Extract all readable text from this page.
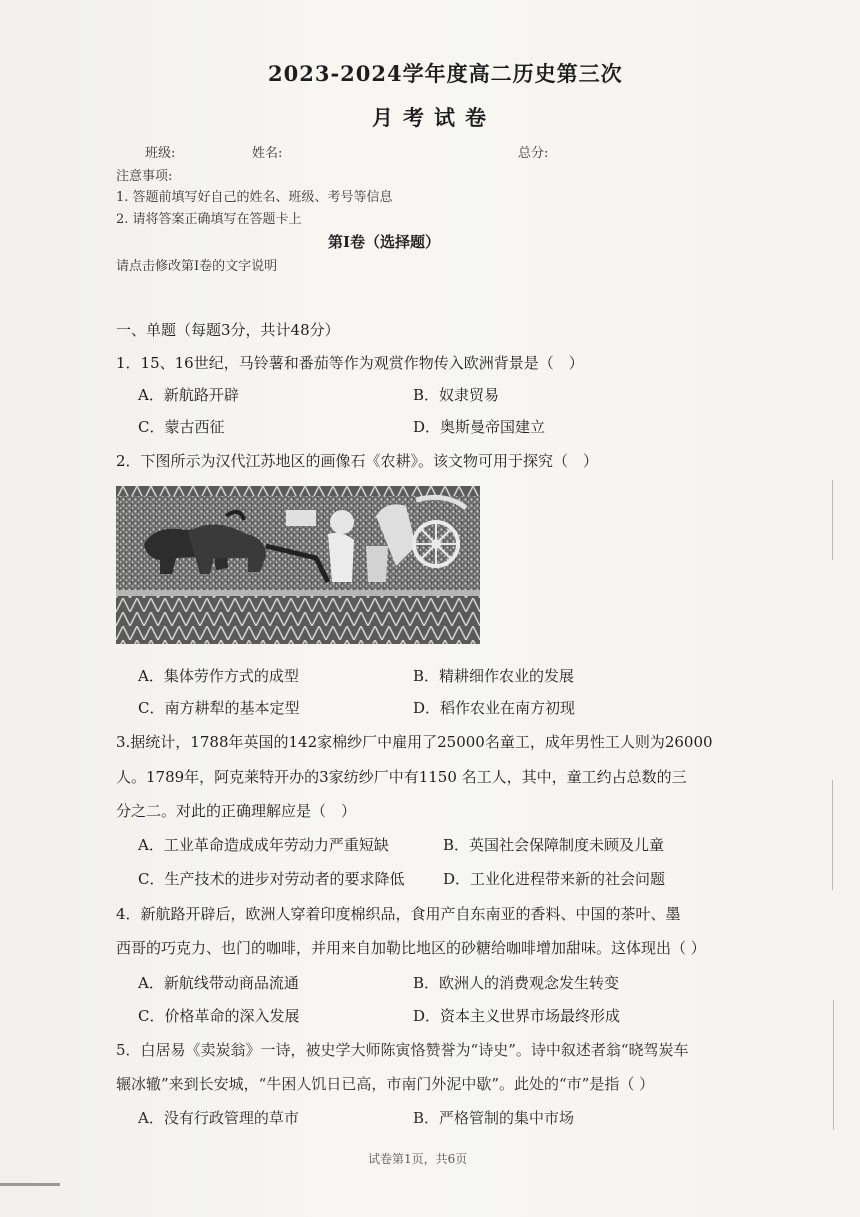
2023-2024学年度高二历史第三次
月考试卷
班级:	姓名:	总分:
注意事项:
1. 答题前填写好自己的姓名、班级、考号等信息
2. 请将答案正确填写在答题卡上
第I卷（选择题）
请点击修改第I卷的文字说明
一、单题（每题3分，共计48分）
1．15、16世纪，马铃薯和番茄等作为观赏作物传入欧洲背景是（　）
A．新航路开辟	B．奴隶贸易
C．蒙古西征	D．奥斯曼帝国建立
2．下图所示为汉代江苏地区的画像石《农耕》。该文物可用于探究（　）
A．集体劳作方式的成型	B．精耕细作农业的发展
C．南方耕犁的基本定型	D．稻作农业在南方初现
3.据统计，1788年英国的142家棉纱厂中雇用了25000名童工，成年男性工人则为26000
人。1789年，阿克莱特开办的3家纺纱厂中有1150 名工人，其中，童工约占总数的三
分之二。对此的正确理解应是（　）
A．工业革命造成成年劳动力严重短缺	B．英国社会保障制度未顾及儿童
C．生产技术的进步对劳动者的要求降低	D．工业化进程带来新的社会问题
4．新航路开辟后，欧洲人穿着印度棉织品，食用产自东南亚的香料、中国的茶叶、墨
西哥的巧克力、也门的咖啡，并用来自加勒比地区的砂糖给咖啡增加甜味。这体现出（ ）
A．新航线带动商品流通	B．欧洲人的消费观念发生转变
C．价格革命的深入发展	D．资本主义世界市场最终形成
5．白居易《卖炭翁》一诗，被史学大师陈寅恪赞誉为“诗史”。诗中叙述者翁“晓驾炭车
辗冰辙”来到长安城，“牛困人饥日已高，市南门外泥中歇”。此处的“市”是指（ ）
A．没有行政管理的草市	B．严格管制的集中市场
试卷第1页，共6页
